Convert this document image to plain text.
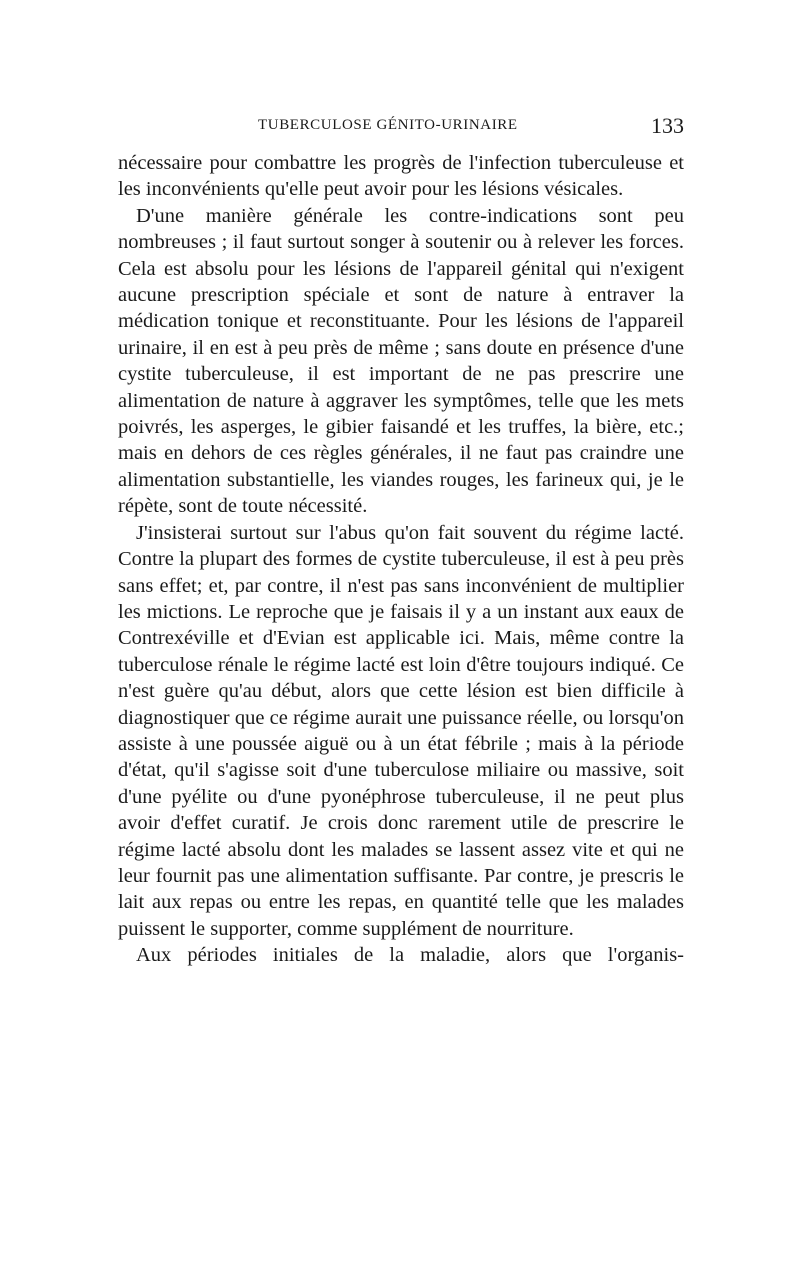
TUBERCULOSE GÉNITO-URINAIRE	133

nécessaire pour combattre les progrès de l'infection tuberculeuse et les inconvénients qu'elle peut avoir pour les lésions vésicales.

D'une manière générale les contre-indications sont peu nombreuses ; il faut surtout songer à soutenir ou à relever les forces. Cela est absolu pour les lésions de l'appareil génital qui n'exigent aucune prescription spéciale et sont de nature à entraver la médication tonique et reconstituante. Pour les lésions de l'appareil urinaire, il en est à peu près de même ; sans doute en présence d'une cystite tuberculeuse, il est important de ne pas prescrire une alimentation de nature à aggraver les symptômes, telle que les mets poivrés, les asperges, le gibier faisandé et les truffes, la bière, etc.; mais en dehors de ces règles générales, il ne faut pas craindre une alimentation substantielle, les viandes rouges, les farineux qui, je le répète, sont de toute nécessité.

J'insisterai surtout sur l'abus qu'on fait souvent du régime lacté. Contre la plupart des formes de cystite tuberculeuse, il est à peu près sans effet; et, par contre, il n'est pas sans inconvénient de multiplier les mictions. Le reproche que je faisais il y a un instant aux eaux de Contrexéville et d'Evian est applicable ici. Mais, même contre la tuberculose rénale le régime lacté est loin d'être toujours indiqué. Ce n'est guère qu'au début, alors que cette lésion est bien difficile à diagnostiquer que ce régime aurait une puissance réelle, ou lorsqu'on assiste à une poussée aiguë ou à un état fébrile ; mais à la période d'état, qu'il s'agisse soit d'une tuberculose miliaire ou massive, soit d'une pyélite ou d'une pyonéphrose tuberculeuse, il ne peut plus avoir d'effet curatif. Je crois donc rarement utile de prescrire le régime lacté absolu dont les malades se lassent assez vite et qui ne leur fournit pas une alimentation suffisante. Par contre, je prescris le lait aux repas ou entre les repas, en quantité telle que les malades puissent le supporter, comme supplément de nourriture.

Aux périodes initiales de la maladie, alors que l'organis-
